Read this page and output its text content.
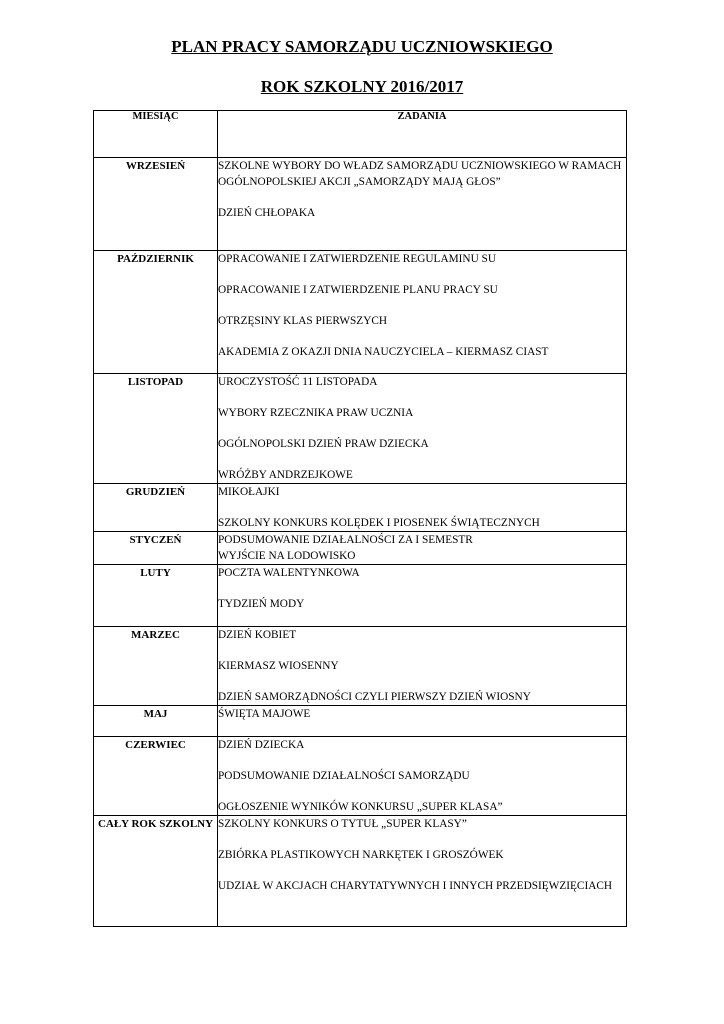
PLAN PRACY SAMORZĄDU UCZNIOWSKIEGO
ROK SZKOLNY 2016/2017
MIESIĄC	ZADANIA
WRZESIEŃ	SZKOLNE WYBORY DO WŁADZ SAMORZĄDU UCZNIOWSKIEGO W RAMACH OGÓLNOPOLSKIEJ AKCJI „SAMORZĄDY MAJĄ GŁOS”
DZIEŃ CHŁOPAKA

PAŹDZIERNIK	OPRACOWANIE I ZATWIERDZENIE REGULAMINU SU
OPRACOWANIE I ZATWIERDZENIE PLANU PRACY SU
OTRZĘSINY KLAS PIERWSZYCH
AKADEMIA Z OKAZJI DNIA NAUCZYCIELA – KIERMASZ CIAST

LISTOPAD	UROCZYSTOŚĆ 11 LISTOPADA
WYBORY RZECZNIKA PRAW UCZNIA
OGÓLNOPOLSKI DZIEŃ PRAW DZIECKA
WRÓŻBY ANDRZEJKOWE

GRUDZIEŃ	MIKOŁAJKI
SZKOLNY KONKURS KOLĘDEK I PIOSENEK ŚWIĄTECZNYCH

STYCZEŃ	PODSUMOWANIE DZIAŁALNOŚCI ZA I SEMESTR
WYJŚCIE NA LODOWISKO

LUTY	POCZTA WALENTYNKOWA
TYDZIEŃ MODY

MARZEC	DZIEŃ KOBIET
KIERMASZ WIOSENNY
DZIEŃ SAMORZĄDNOŚCI CZYLI PIERWSZY DZIEŃ WIOSNY

MAJ	ŚWIĘTA MAJOWE

CZERWIEC	DZIEŃ DZIECKA
PODSUMOWANIE DZIAŁALNOŚCI SAMORZĄDU
OGŁOSZENIE WYNIKÓW KONKURSU „SUPER KLASA”

CAŁY ROK SZKOLNY	SZKOLNY KONKURS O TYTUŁ „SUPER KLASY”
ZBIÓRKA PLASTIKOWYCH NARKĘTEK I GROSZÓWEK
UDZIAŁ W AKCJACH CHARYTATYWNYCH I INNYCH PRZEDSIĘWZIĘCIACH
